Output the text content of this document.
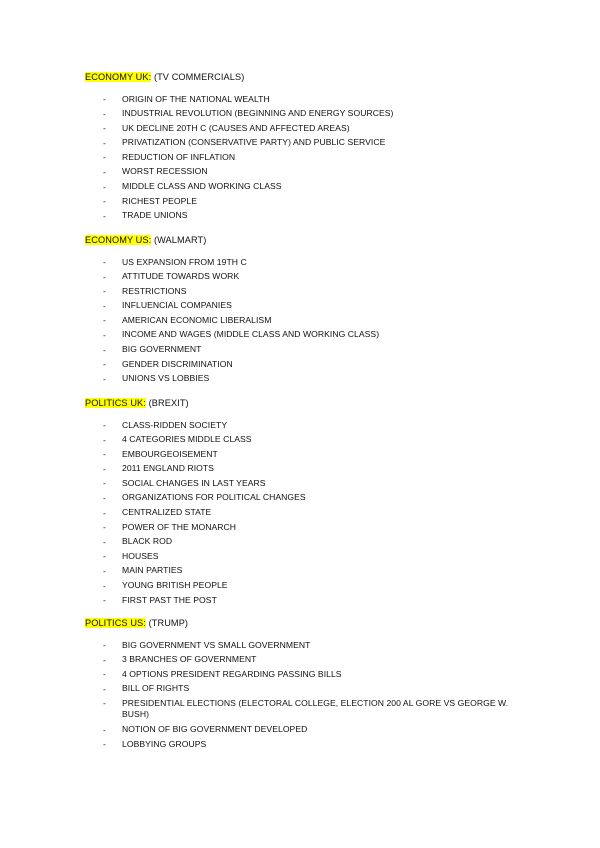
ECONOMY UK: (TV COMMERCIALS)
- ORIGIN OF THE NATIONAL WEALTH
- INDUSTRIAL REVOLUTION (BEGINNING AND ENERGY SOURCES)
- UK DECLINE 20TH C (CAUSES AND AFFECTED AREAS)
- PRIVATIZATION (CONSERVATIVE PARTY) AND PUBLIC SERVICE
- REDUCTION OF INFLATION
- WORST RECESSION
- MIDDLE CLASS AND WORKING CLASS
- RICHEST PEOPLE
- TRADE UNIONS
ECONOMY US: (WALMART)
- US EXPANSION FROM 19TH C
- ATTITUDE TOWARDS WORK
- RESTRICTIONS
- INFLUENCIAL COMPANIES
- AMERICAN ECONOMIC LIBERALISM
- INCOME AND WAGES (MIDDLE CLASS AND WORKING CLASS)
- BIG GOVERNMENT
- GENDER DISCRIMINATION
- UNIONS VS LOBBIES
POLITICS UK: (BREXIT)
- CLASS-RIDDEN SOCIETY
- 4 CATEGORIES MIDDLE CLASS
- EMBOURGEOISEMENT
- 2011 ENGLAND RIOTS
- SOCIAL CHANGES IN LAST YEARS
- ORGANIZATIONS FOR POLITICAL CHANGES
- CENTRALIZED STATE
- POWER OF THE MONARCH
- BLACK ROD
- HOUSES
- MAIN PARTIES
- YOUNG BRITISH PEOPLE
- FIRST PAST THE POST
POLITICS US: (TRUMP)
- BIG GOVERNMENT VS SMALL GOVERNMENT
- 3 BRANCHES OF GOVERNMENT
- 4 OPTIONS PRESIDENT REGARDING PASSING BILLS
- BILL OF RIGHTS
- PRESIDENTIAL ELECTIONS (ELECTORAL COLLEGE, ELECTION 200 AL GORE VS GEORGE W. BUSH)
- NOTION OF BIG GOVERNMENT DEVELOPED
- LOBBYING GROUPS
